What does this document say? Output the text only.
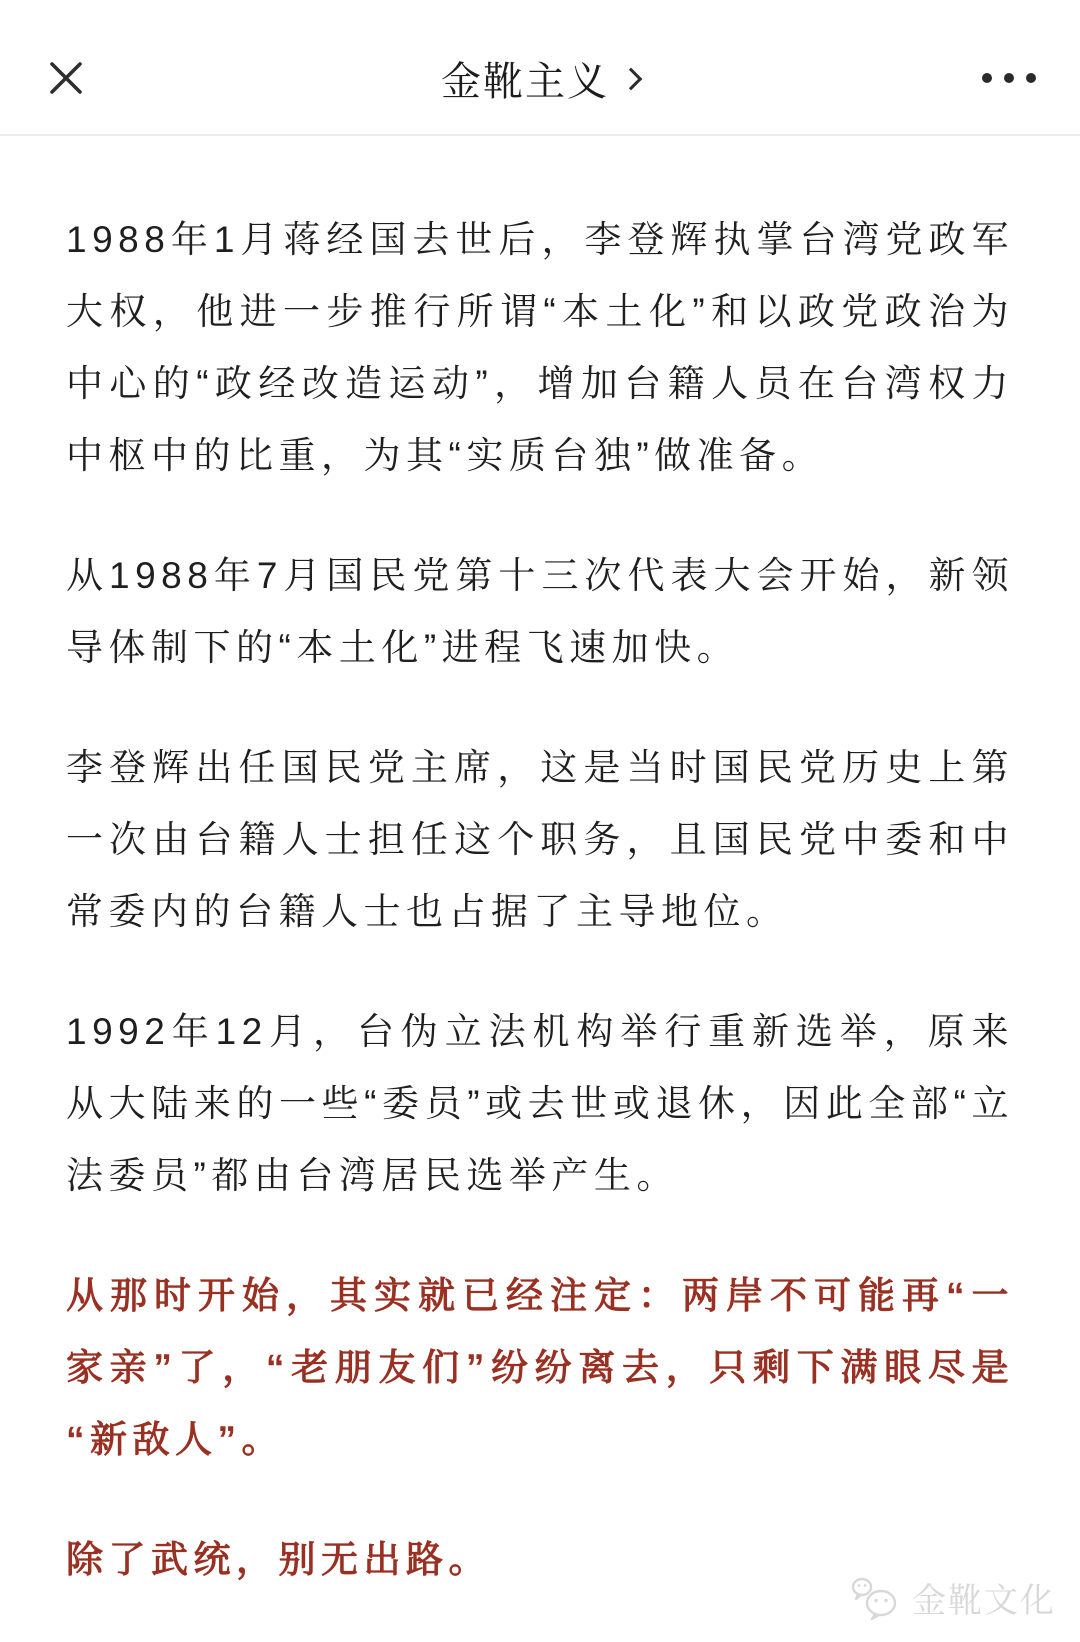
金靴主义

1988年1月蒋经国去世后，李登辉执掌台湾党政军大权，他进一步推行所谓“本土化”和以政党政治为中心的“政经改造运动”，增加台籍人员在台湾权力中枢中的比重，为其“实质台独”做准备。

从1988年7月国民党第十三次代表大会开始，新领导体制下的“本土化”进程飞速加快。

李登辉出任国民党主席，这是当时国民党历史上第一次由台籍人士担任这个职务，且国民党中委和中常委内的台籍人士也占据了主导地位。

1992年12月，台伪立法机构举行重新选举，原来从大陆来的一些“委员”或去世或退休，因此全部“立法委员”都由台湾居民选举产生。

从那时开始，其实就已经注定：两岸不可能再“一家亲”了，“老朋友们”纷纷离去，只剩下满眼尽是“新敌人”。

除了武统，别无出路。

金靴文化
